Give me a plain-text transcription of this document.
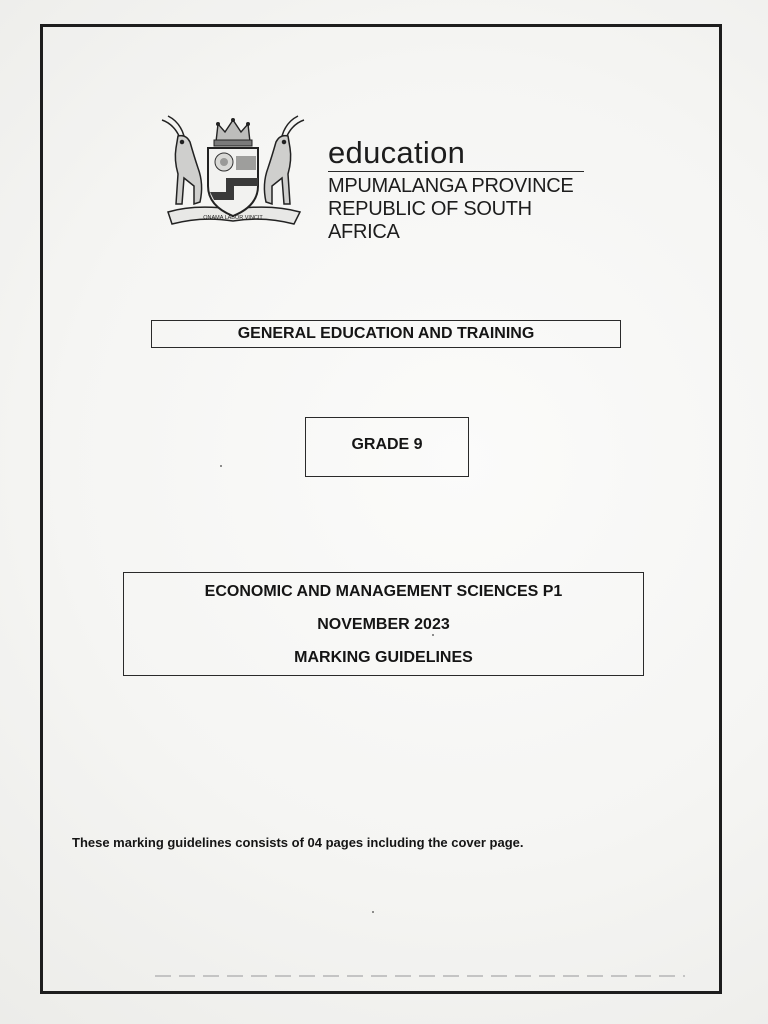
ONAMA LABOR VINCIT
education
MPUMALANGA PROVINCE
REPUBLIC OF SOUTH AFRICA
GENERAL EDUCATION AND TRAINING
GRADE 9
ECONOMIC AND MANAGEMENT SCIENCES P1
NOVEMBER 2023
MARKING GUIDELINES
These marking guidelines consists of 04 pages including the cover page.
